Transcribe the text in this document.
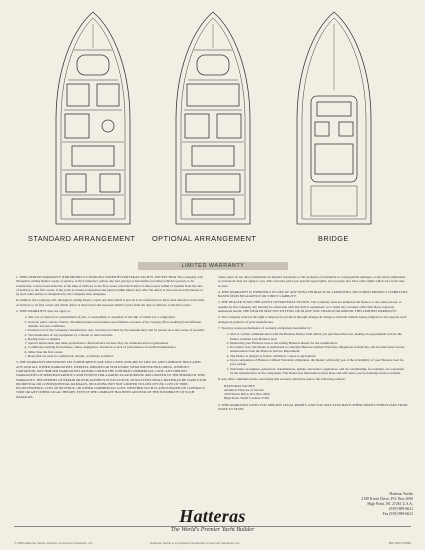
STANDARD ARRANGEMENT OPTIONAL ARRANGEMENT	BRIDGE
LIMITED WARRANTY

1. THIS LIMITED WARRANTY (FOR PRODUCTS MANUFACTURED BY HATTERAS YACHTS, EXCEPT THAT The Company will, through its selling Dealer, repair or replace, at the Company's option, any part (except as hereinafter provided) which is proven, to its satisfaction, to have been defective at the time of delivery to the first owner, and which defect is discovered within 12 months from the date of delivery to the first owner, if the yacht is owned, transported and placed within ninety days after the defect is discovered, in the Dealer or by such other parties as designated by the Company may designate.

In addition, the Company will, through its selling Dealer, repair any hull which is proven to its satisfaction to have been defective at the time of delivery to its first owner and which defect is discovered and reported within 5 years from the date of delivery to the first owner.

2. THIS WARRANTY does not apply to:

a. The cost of removal or reinstallment of part, or reassembly or assembly of the unit of which it is a component.
b. Gelcoat, paint, canvas, fabrics, chromium plated and stainless steel finishes, because of the varying effect resulting from different climatic and use conditions.
c. Products not of the Company's manufacture. Any warranty provided by the manufacturer will be passed on to the owner, if possible.
d. The installation of any equipment by a Dealer or other installer.
e. Racing boats or engines.
f. Special instructions and other performance characteristics because they are estimated and not guaranteed.
g. Conditions resulting from misuse, abuse, negligence, alteration or lack of performance of normal maintenance.
h. Other than the first owner.
i. Boats that are used in commercial, charter, or military activities.

3. THE WARRANTY PROVISIONS SET FORTH ABOVE ARE EXCLUSIVE AND ARE IN LIEU OF, AND COMPANY DISCLAIMS ANY AND ALL OTHER WARRANTIES, EXPRESS, IMPLIED OR STATUTORY, WHATSOEVER INCLUDING, WITHOUT LIMITATION, ANY IMPLIED WARRANTIES ARISING UNDER THE UNIFORM COMMERCIAL CODE. ANY IMPLIED WARRANTIES OF MERCHANTABILITY AND FITNESS FOR A PARTICULAR PURPOSE ARE LIMITED TO THE PERIOD OF THIS WARRANTY. THE REMEDY OF REPAIR OR REPLACEMENT IS EXCLUSIVE. IN NO EVENT SHALL HATTERAS BE LIABLE FOR INCIDENTAL OR CONSEQUENTIAL DAMAGES, INCLUDING BUT NOT LIMITED TO LOSS OF USE, LOSS OF TIME, INCONVENIENCE, LOSS OF REVENUE, OR OTHER COMMERCIAL LOSS, WHETHER SUCH CLAIM IS BASED ON CONTRACT, TORT OR ANY OTHER LEGAL THEORY, EVEN IF THE COMPANY HAS BEEN ADVISED OF THE POSSIBILITY OF SUCH DAMAGES.

Some states do not allow limitations on implied warranties or the exclusion of incidental or consequential damages, so the above limitations or exclusions may not apply to you. This warranty gives you specific legal rights, and you may also have other rights which vary from state to state.

4. THIS WARRANTY IS EXPRESSLY IN LIEU OF ANY NON-CONTRACTUAL LIABILITIES, INCLUDING PRODUCT LIABILITIES BASED UPON NEGLIGENCE OR STRICT LIABILITY.

5. THE DEALER IS NOT THE AGENT OF HATTERAS YACHTS. The Company does not authorize the Dealer, or any other person, to assume for the Company any liability in connection with any hull or equipment, or to make any warranty other than those expressly authorized herein. THE DEALER MAY NOT EXTEND, OR IN ANY WAY CHANGE OR AMEND, THIS LIMITED WARRANTY.

6. The Company reserves the right to improve its products through changes in design or material without being obligated to incorporate such changes in products of prior manufacture.

7. You may secure performance of warranty obligations hereunder by:

a. Oral or written communication with the Hatteras Dealer from which you purchased the boat, making an appointment to have the Dealer examine your Hatteras boat.
b. Delivering your Hatteras boat to the selling Hatteras Dealer for the examination.
c. In certain cases, the Dealer is authorized to complete Hatteras Limited Warranty obligations exclusively, and in others must secure authorization from the Hatteras Service Department.
d. The Dealer is obliged to follow whichever course is appropriate.
e. Upon completion of Hatteras Limited Warranty obligations, the Dealer will notify you of the availability of your Hatteras boat for your pickup.
f. Warranties on engines, generators, transmissions, pumps, electronics, appliances, and air conditioning, for example, are warranted by the manufacturer of the component. The Dealer has information about these and will assist you in obtaining service on them.

8. Any other communications concerning this warranty should be sent to the following address:

HATTERAS YACHTS
Attention: Director of Service
2100 Kivett Drive, P.O. Box 2690
High Point, North Carolina 27261

9. THIS WARRANTY GIVES YOU SPECIFIC LEGAL RIGHTS, AND YOU MAY ALSO HAVE OTHER RIGHTS WHICH VARY FROM STATE TO STATE.

Hatteras Yachts
2100 Kivett Drive, P.O. Box 2690
High Point, NC 27261 U.S.A.
(919) 889-6621
Fax (919) 889-6621
Hatteras
The World's Premier Yacht Builder
© 1996 Hatteras Yachts. Division of Genmar Industries, Inc.	Hatteras Yachts is a registered trademark of Genmar Industries, Inc.	BR-430/7.0/8/96
